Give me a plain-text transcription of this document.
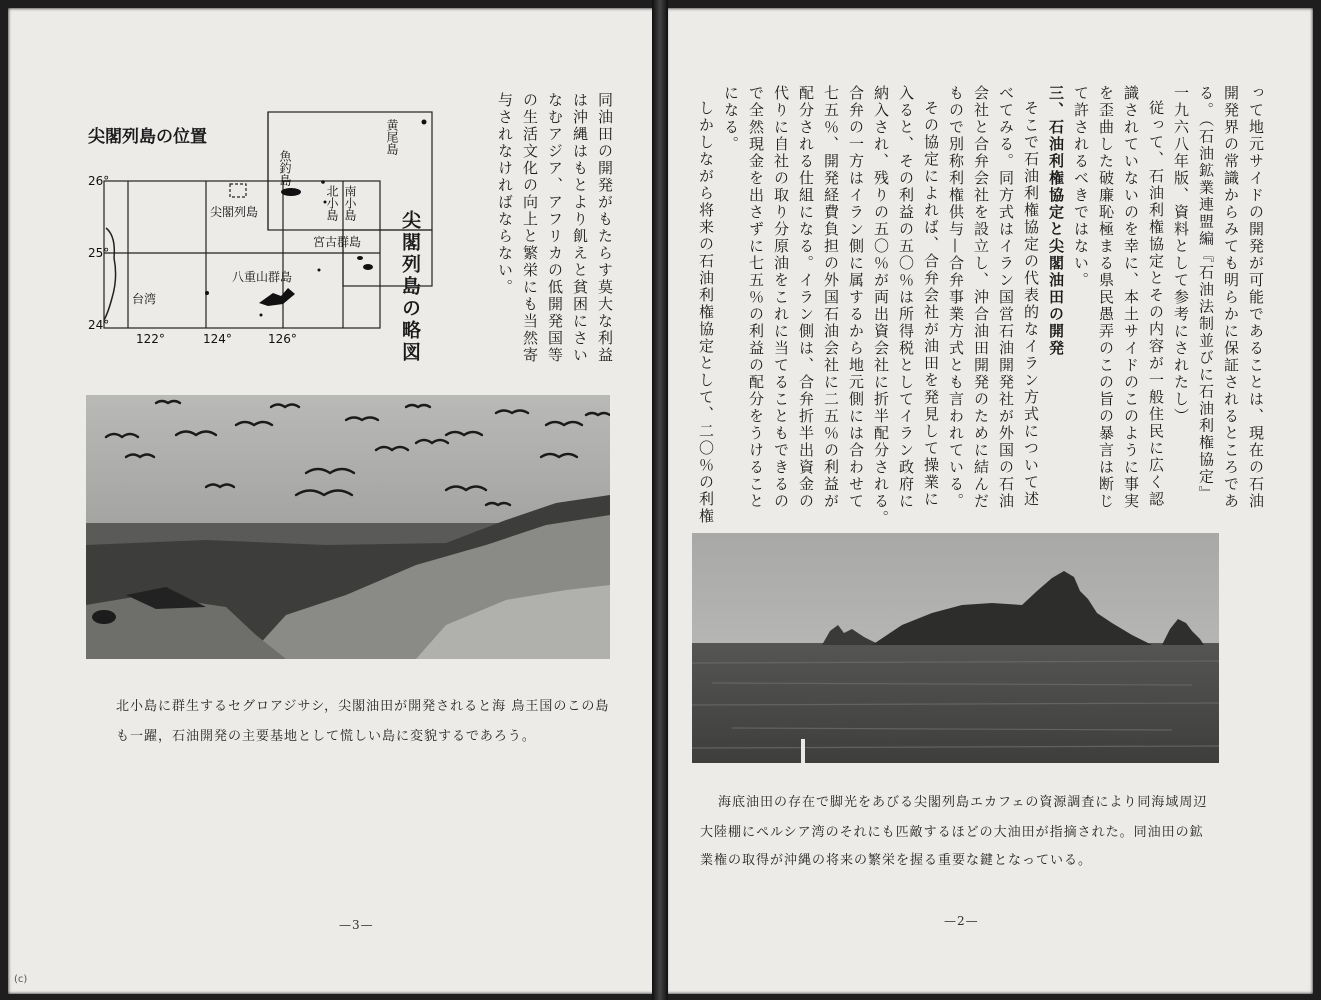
尖閣列島の位置	黄尾島
魚釣島
北小島 南小島
尖閣列島
宮古群島
八重山群島
台湾
26°
25°
24°
122°	124°	126°	尖閣列島の略図	同油田の開発がもたらす莫大な利益
は沖縄はもとより飢えと貧困にさい
なむアジア、アフリカの低開発国等
の生活文化の向上と繁栄にも当然寄
与されなければならない。
北小島に群生するセグロアジサシ，尖閣油田が開発されると海 鳥王国のこの島
も一躍，石油開発の主要基地として慌しい島に変貌するであろう。
—3—
って地元サイドの開発が可能であることは、現在の石油
開発界の常識からみても明らかに保証されるところであ
る。（石油鉱業連盟編『石油法制並びに石油利権協定』
一九六八年版、資料として参考にされたし）
従って、石油利権協定とその内容が一般住民に広く認
識されていないのを幸に、本土サイドのこのように事実
を歪曲した破廉恥極まる県民愚弄のこの旨の暴言は断じ
て許されるべきではない。
三、石油利権協定と尖閣油田の開発
そこで石油利権協定の代表的なイラン方式について述
べてみる。同方式はイラン国営石油開発社が外国の石油
会社と合弁会社を設立し、沖合油田開発のために結んだ
もので別称利権供与—合弁事業方式とも言われている。
その協定によれば、合弁会社が油田を発見して操業に
入ると、その利益の五〇％は所得税としてイラン政府に
納入され、残りの五〇％が両出資会社に折半配分される。
合弁の一方はイラン側に属するから地元側には合わせて
七五％、開発経費負担の外国石油会社に二五％の利益が
配分される仕組になる。イラン側は、合弁折半出資金の
代りに自社の取り分原油をこれに当てることもできるの
で全然現金を出さずに七五％の利益の配分をうけること
になる。
しかしながら将来の石油利権協定として、二〇％の利権
海底油田の存在で脚光をあびる尖閣列島エカフェの資源調査により同海域周辺
大陸棚にペルシア湾のそれにも匹敵するほどの大油田が指摘された。同油田の鉱
業権の取得が沖縄の将来の繁栄を握る重要な鍵となっている。
—2—
(c)
